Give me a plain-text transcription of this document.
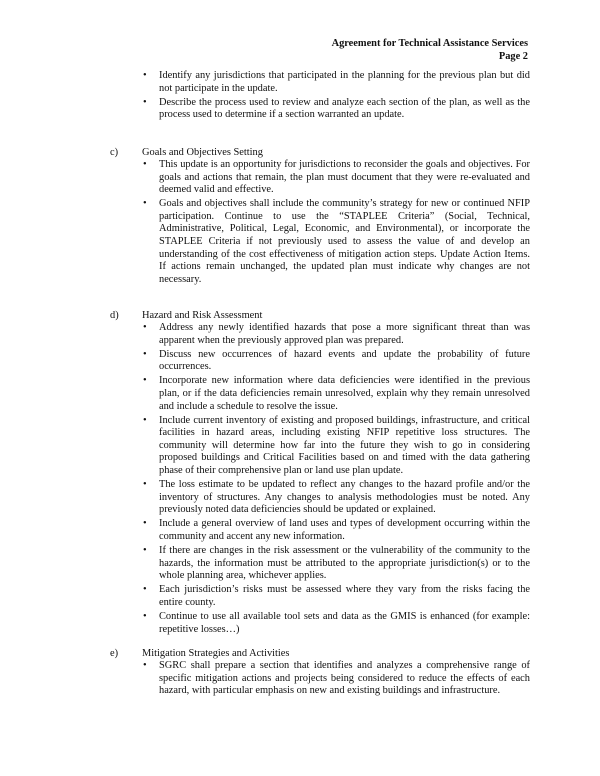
Agreement for Technical Assistance Services
Page 2
• Identify any jurisdictions that participated in the planning for the previous plan but did not participate in the update.
• Describe the process used to review and analyze each section of the plan, as well as the process used to determine if a section warranted an update.
c) Goals and Objectives Setting
• This update is an opportunity for jurisdictions to reconsider the goals and objectives. For goals and actions that remain, the plan must document that they were re-evaluated and deemed valid and effective.
• Goals and objectives shall include the community’s strategy for new or continued NFIP participation. Continue to use the “STAPLEE Criteria” (Social, Technical, Administrative, Political, Legal, Economic, and Environmental), or incorporate the STAPLEE Criteria if not previously used to assess the value of and develop an understanding of the cost effectiveness of mitigation action steps. Update Action Items. If actions remain unchanged, the updated plan must indicate why changes are not necessary.
d) Hazard and Risk Assessment
• Address any newly identified hazards that pose a more significant threat than was apparent when the previously approved plan was prepared.
• Discuss new occurrences of hazard events and update the probability of future occurrences.
• Incorporate new information where data deficiencies were identified in the previous plan, or if the data deficiencies remain unresolved, explain why they remain unresolved and include a schedule to resolve the issue.
• Include current inventory of existing and proposed buildings, infrastructure, and critical facilities in hazard areas, including existing NFIP repetitive loss structures. The community will determine how far into the future they wish to go in considering proposed buildings and Critical Facilities based on and timed with the data gathering phase of their comprehensive plan or land use plan update.
• The loss estimate to be updated to reflect any changes to the hazard profile and/or the inventory of structures. Any changes to analysis methodologies must be noted. Any previously noted data deficiencies should be updated or explained.
• Include a general overview of land uses and types of development occurring within the community and accent any new information.
• If there are changes in the risk assessment or the vulnerability of the community to the hazards, the information must be attributed to the appropriate jurisdiction(s) or to the whole planning area, whichever applies.
• Each jurisdiction’s risks must be assessed where they vary from the risks facing the entire county.
• Continue to use all available tool sets and data as the GMIS is enhanced (for example: repetitive losses…)
e) Mitigation Strategies and Activities
• SGRC shall prepare a section that identifies and analyzes a comprehensive range of specific mitigation actions and projects being considered to reduce the effects of each hazard, with particular emphasis on new and existing buildings and infrastructure.
